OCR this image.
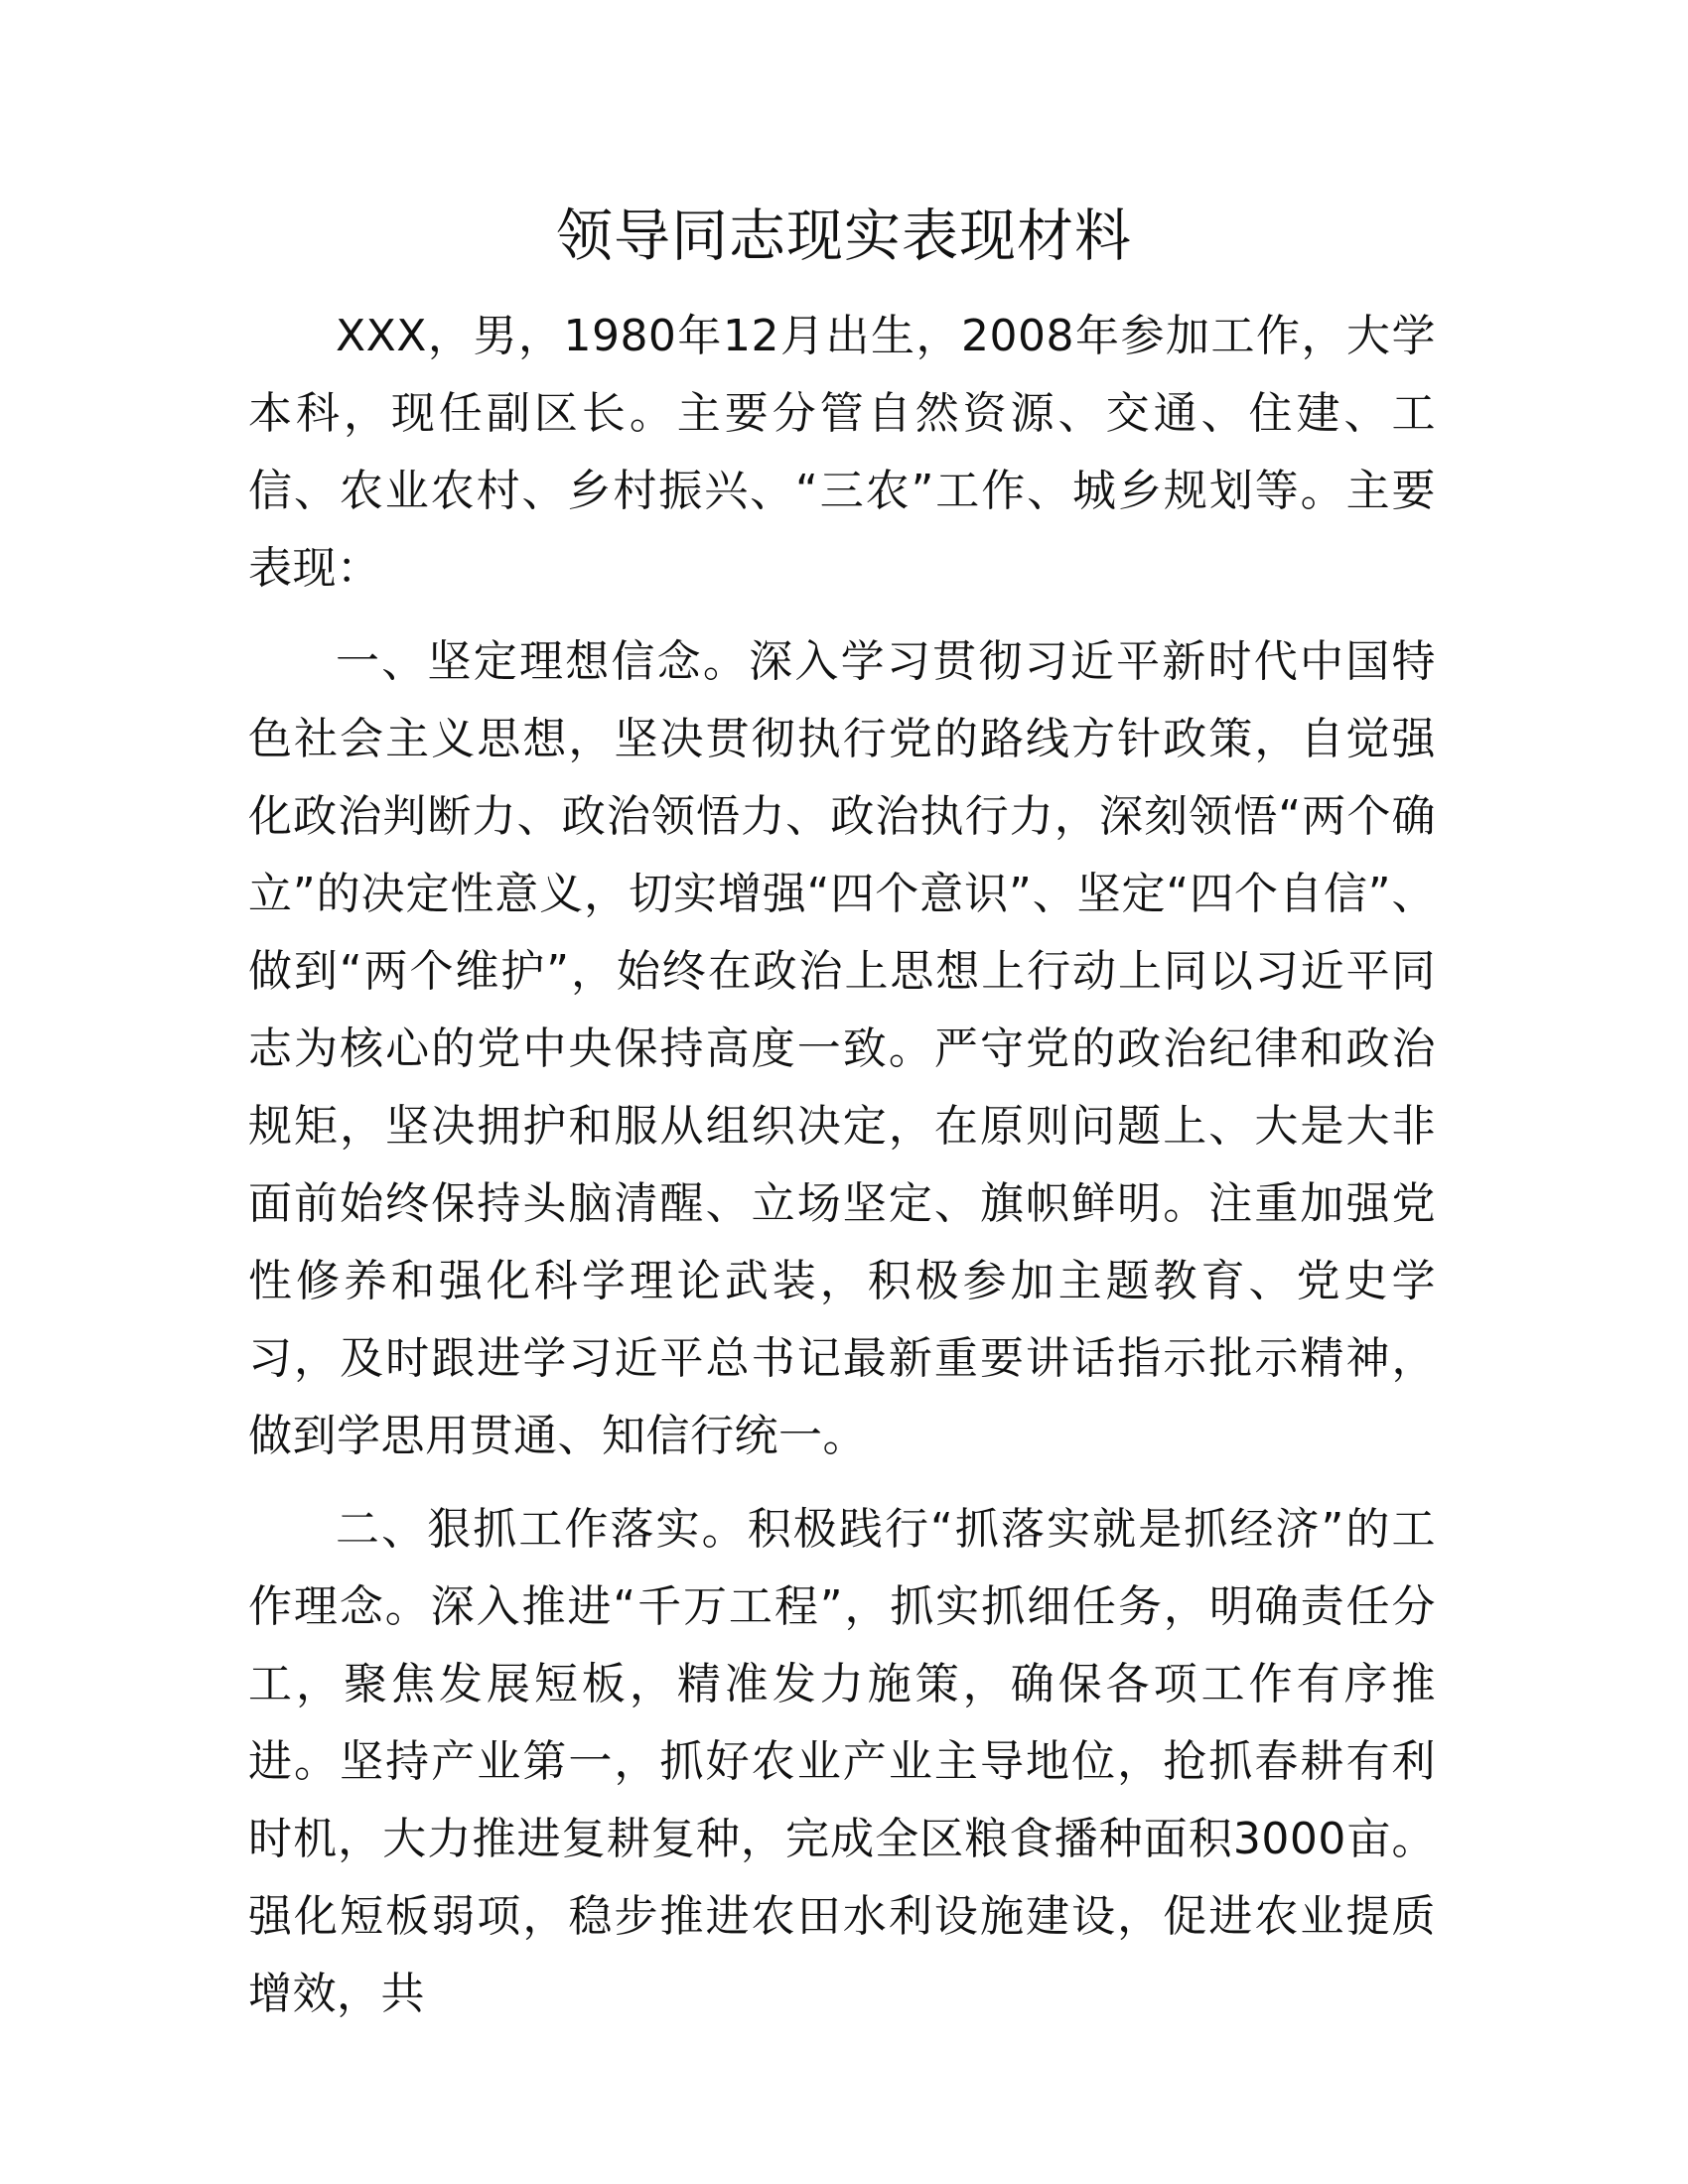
领导同志现实表现材料

XXX，男，1980年12月出生，2008年参加工作，大学本科，现任副区长。主要分管自然资源、交通、住建、工信、农业农村、乡村振兴、“三农”工作、城乡规划等。主要表现：

一、坚定理想信念。深入学习贯彻习近平新时代中国特色社会主义思想，坚决贯彻执行党的路线方针政策，自觉强化政治判断力、政治领悟力、政治执行力，深刻领悟“两个确立”的决定性意义，切实增强“四个意识”、坚定“四个自信”、做到“两个维护”，始终在政治上思想上行动上同以习近平同志为核心的党中央保持高度一致。严守党的政治纪律和政治规矩，坚决拥护和服从组织决定，在原则问题上、大是大非面前始终保持头脑清醒、立场坚定、旗帜鲜明。注重加强党性修养和强化科学理论武装，积极参加主题教育、党史学习，及时跟进学习近平总书记最新重要讲话指示批示精神，做到学思用贯通、知信行统一。

二、狠抓工作落实。积极践行“抓落实就是抓经济”的工作理念。深入推进“千万工程”，抓实抓细任务，明确责任分工，聚焦发展短板，精准发力施策，确保各项工作有序推进。坚持产业第一，抓好农业产业主导地位，抢抓春耕有利时机，大力推进复耕复种，完成全区粮食播种面积3000亩。强化短板弱项，稳步推进农田水利设施建设，促进农业提质增效，共
